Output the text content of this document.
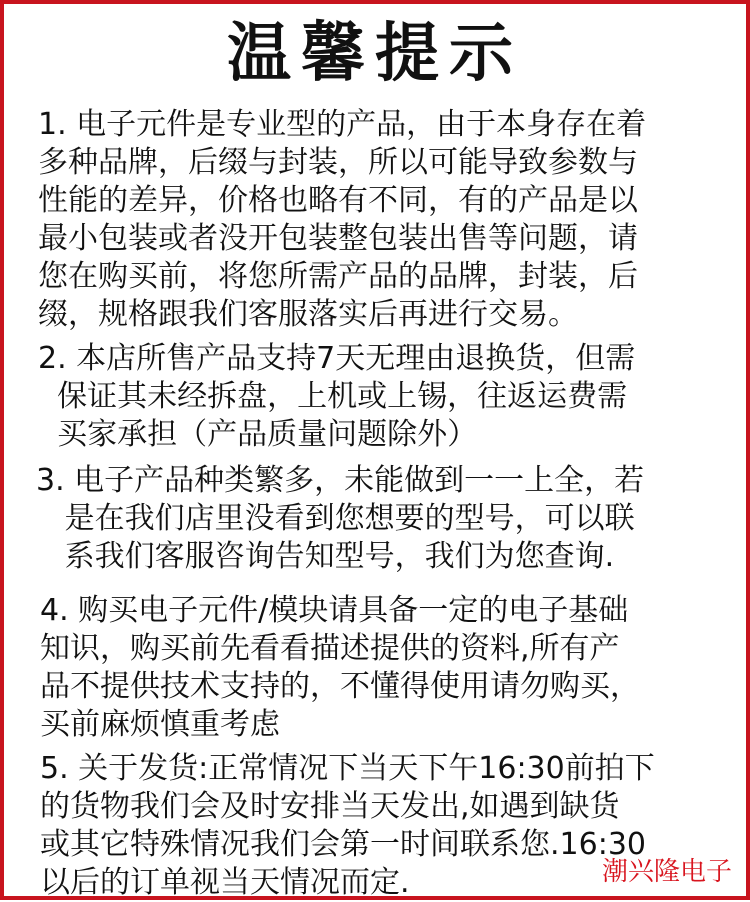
温馨提示

1. 电子元件是专业型的产品，由于本身存在着
多种品牌，后缀与封装，所以可能导致参数与
性能的差异，价格也略有不同，有的产品是以
最小包装或者没开包装整包装出售等问题，请
您在购买前，将您所需产品的品牌，封装，后
缀，规格跟我们客服落实后再进行交易。

2. 本店所售产品支持7天无理由退换货，但需
保证其未经拆盘，上机或上锡，往返运费需
买家承担（产品质量问题除外）

3. 电子产品种类繁多，未能做到一一上全，若
是在我们店里没看到您想要的型号，可以联
系我们客服咨询告知型号，我们为您查询.

4. 购买电子元件/模块请具备一定的电子基础
知识，购买前先看看描述提供的资料,所有产
品不提供技术支持的，不懂得使用请勿购买，
买前麻烦慎重考虑

5. 关于发货:正常情况下当天下午16:30前拍下
的货物我们会及时安排当天发出,如遇到缺货
或其它特殊情况我们会第一时间联系您.16:30
以后的订单视当天情况而定.	潮兴隆电子
